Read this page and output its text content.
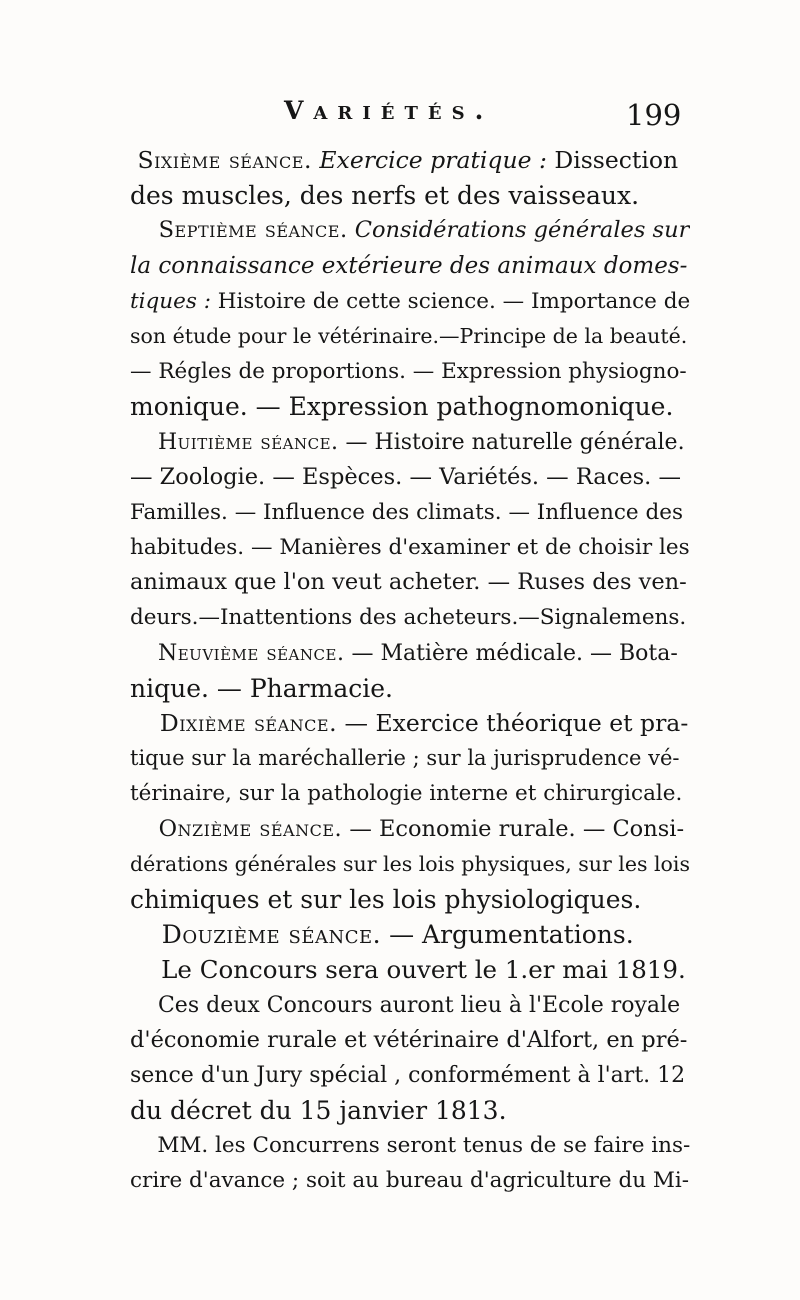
Variétés.	199
Sixième séance. Exercice pratique : Dissection
des muscles, des nerfs et des vaisseaux.
Septième séance. Considérations générales sur
la connaissance extérieure des animaux domes-
tiques : Histoire de cette science. — Importance de
son étude pour le vétérinaire.—Principe de la beauté.
— Régles de proportions. — Expression physiogno-
monique. — Expression pathognomonique.
Huitième séance. — Histoire naturelle générale.
— Zoologie. — Espèces. — Variétés. — Races. —
Familles. — Influence des climats. — Influence des
habitudes. — Manières d'examiner et de choisir les
animaux que l'on veut acheter. — Ruses des ven-
deurs.—Inattentions des acheteurs.—Signalemens.
Neuvième séance. — Matière médicale. — Bota-
nique. — Pharmacie.
Dixième séance. — Exercice théorique et pra-
tique sur la maréchallerie ; sur la jurisprudence vé-
térinaire, sur la pathologie interne et chirurgicale.
Onzième séance. — Economie rurale. — Consi-
dérations générales sur les lois physiques, sur les lois
chimiques et sur les lois physiologiques.
Douzième séance. — Argumentations.
Le Concours sera ouvert le 1.er mai 1819.
Ces deux Concours auront lieu à l'Ecole royale
d'économie rurale et vétérinaire d'Alfort, en pré-
sence d'un Jury spécial , conformément à l'art. 12
du décret du 15 janvier 1813.
MM. les Concurrens seront tenus de se faire ins-
crire d'avance ; soit au bureau d'agriculture du Mi-
